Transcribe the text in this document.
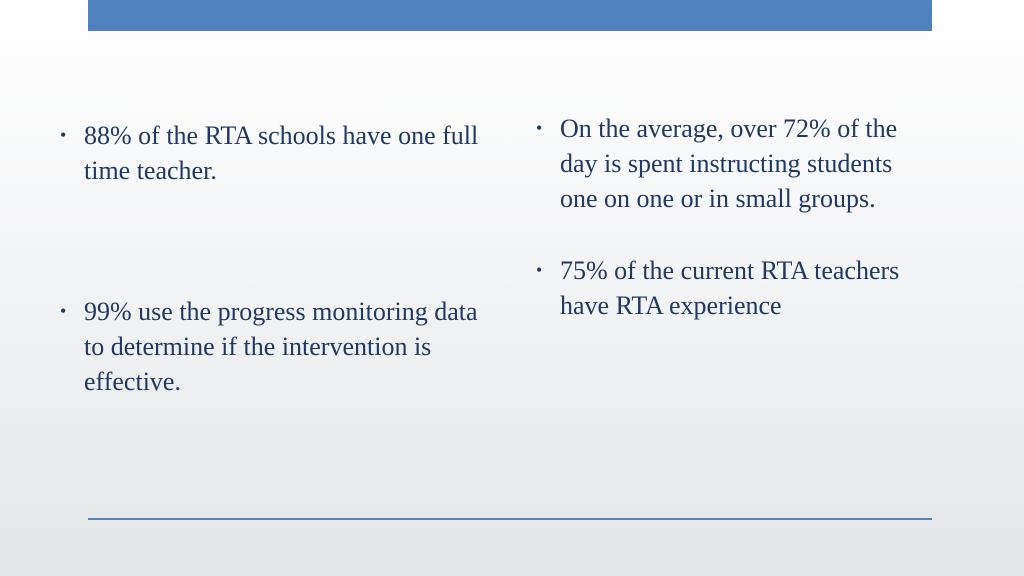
• 88% of the RTA schools have one full time teacher.
• 99% use the progress monitoring data to determine if the intervention is effective.
• On the average, over 72% of the day is spent instructing students one on one or in small groups.
• 75% of the current RTA teachers have RTA experience
